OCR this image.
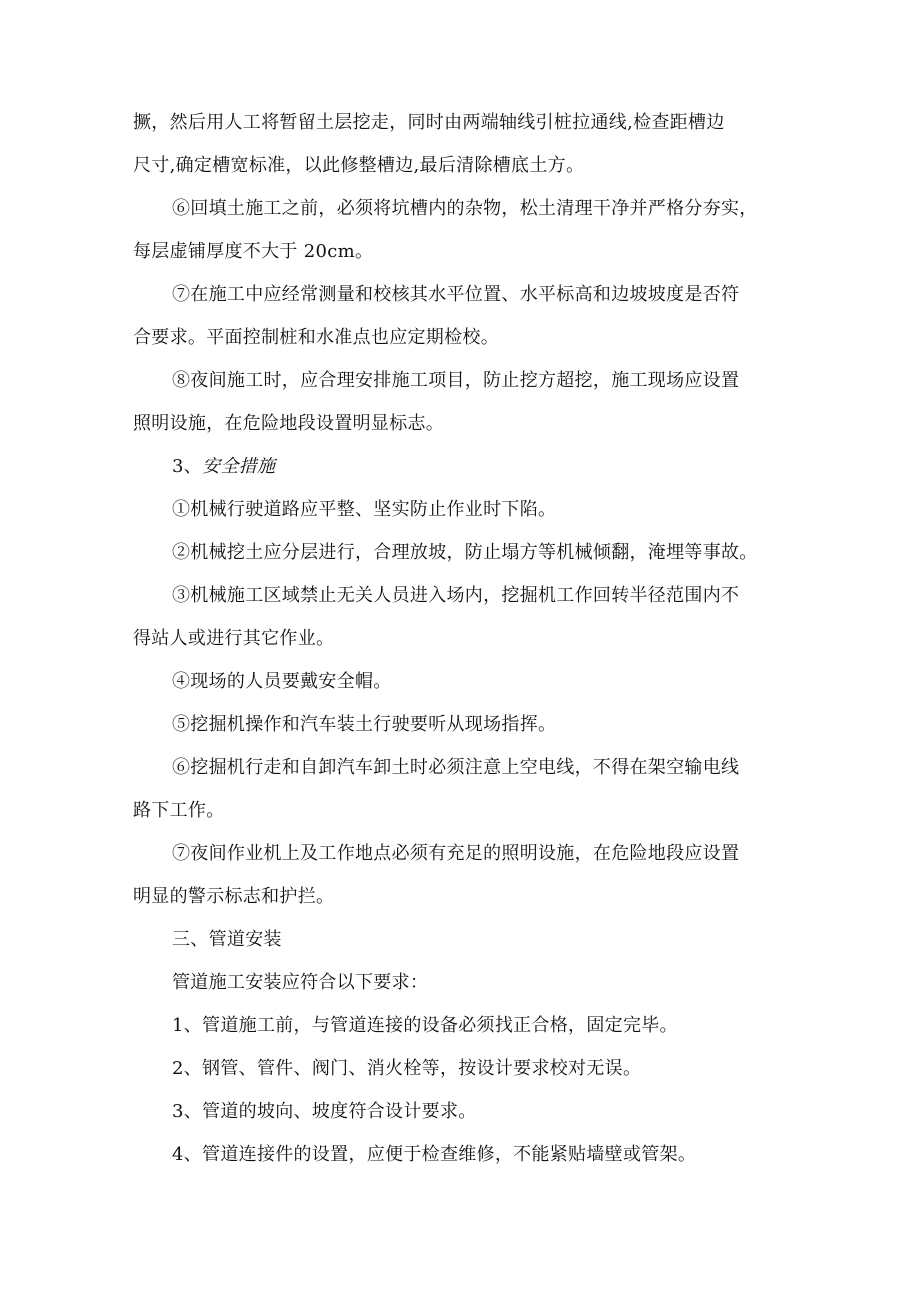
撅，然后用人工将暂留土层挖走，同时由两端轴线引桩拉通线,检查距槽边
尺寸,确定槽宽标准，以此修整槽边,最后清除槽底土方。
⑥回填土施工之前，必须将坑槽内的杂物，松土清理干净并严格分夯实，
每层虚铺厚度不大于 20cm。
⑦在施工中应经常测量和校核其水平位置、水平标高和边坡坡度是否符
合要求。平面控制桩和水准点也应定期检校。
⑧夜间施工时，应合理安排施工项目，防止挖方超挖，施工现场应设置
照明设施，在危险地段设置明显标志。
3、安全措施
①机械行驶道路应平整、坚实防止作业时下陷。
②机械挖土应分层进行，合理放坡，防止塌方等机械倾翻，淹埋等事故。
③机械施工区域禁止无关人员进入场内，挖掘机工作回转半径范围内不
得站人或进行其它作业。
④现场的人员要戴安全帽。
⑤挖掘机操作和汽车装土行驶要听从现场指挥。
⑥挖掘机行走和自卸汽车卸土时必须注意上空电线，不得在架空输电线
路下工作。
⑦夜间作业机上及工作地点必须有充足的照明设施，在危险地段应设置
明显的警示标志和护拦。
三、管道安装
管道施工安装应符合以下要求：
1、管道施工前，与管道连接的设备必须找正合格，固定完毕。
2、钢管、管件、阀门、消火栓等，按设计要求校对无误。
3、管道的坡向、坡度符合设计要求。
4、管道连接件的设置，应便于检查维修，不能紧贴墙壁或管架。
